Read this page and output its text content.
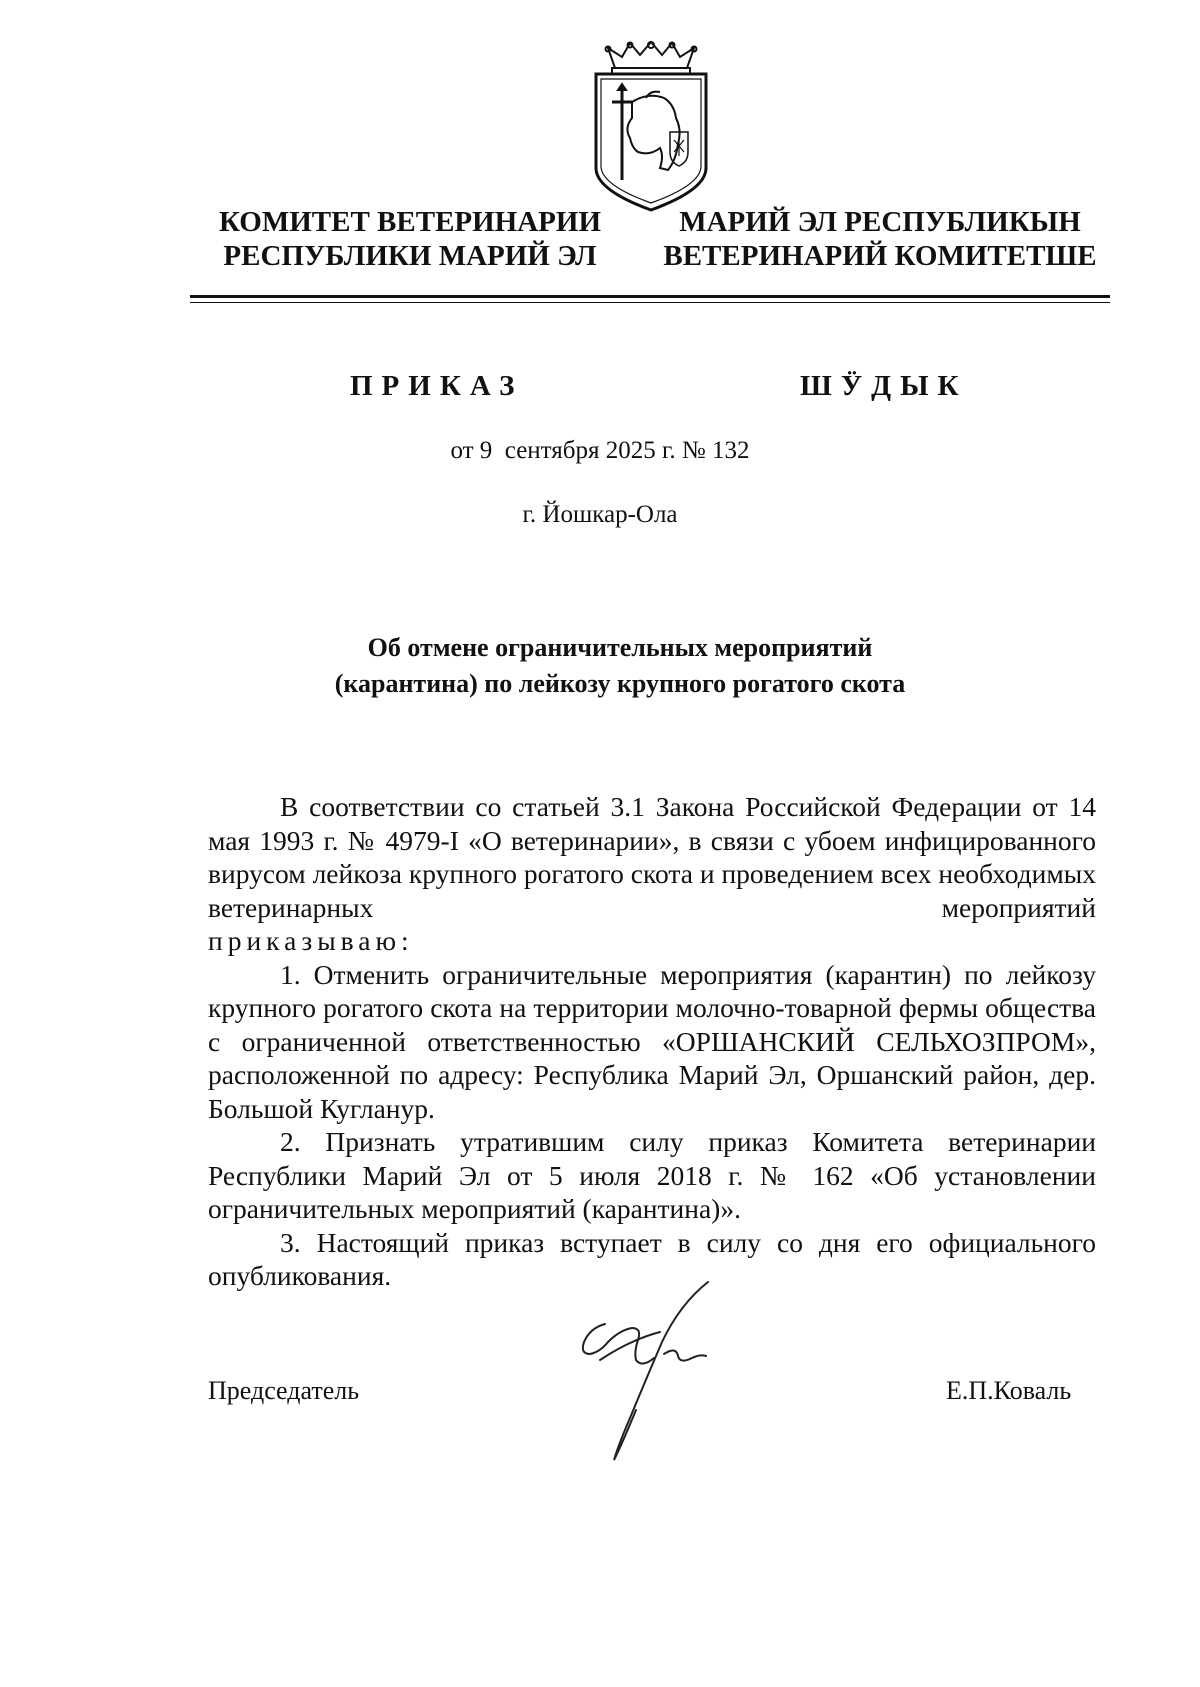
КОМИТЕТ ВЕТЕРИНАРИИ
РЕСПУБЛИКИ МАРИЙ ЭЛ
МАРИЙ ЭЛ РЕСПУБЛИКЫН
ВЕТЕРИНАРИЙ КОМИТЕТШЕ
ПРИКАЗ	ШӰДЫК
от 9  сентября 2025 г. № 132
г. Йошкар-Ола
Об отмене ограничительных мероприятий
(карантина) по лейкозу крупного рогатого скота

В соответствии со статьей 3.1 Закона Российской Федерации от 14 мая 1993 г. № 4979-I «О ветеринарии», в связи с убоем инфицированного вирусом лейкоза крупного рогатого скота и проведением всех необходимых ветеринарных мероприятий

приказываю:

1. Отменить ограничительные мероприятия (карантин) по лейкозу крупного рогатого скота на территории молочно-товарной фермы общества с ограниченной ответственностью «ОРШАНСКИЙ СЕЛЬХОЗПРОМ», расположенной по адресу: Республика Марий Эл, Оршанский район, дер. Большой Кугланур.

2. Признать утратившим силу приказ Комитета ветеринарии Республики Марий Эл от 5 июля 2018 г. № 162 «Об установлении ограничительных мероприятий (карантина)».

3. Настоящий приказ вступает в силу со дня его официального опубликования.

Председатель	Е.П.Коваль
